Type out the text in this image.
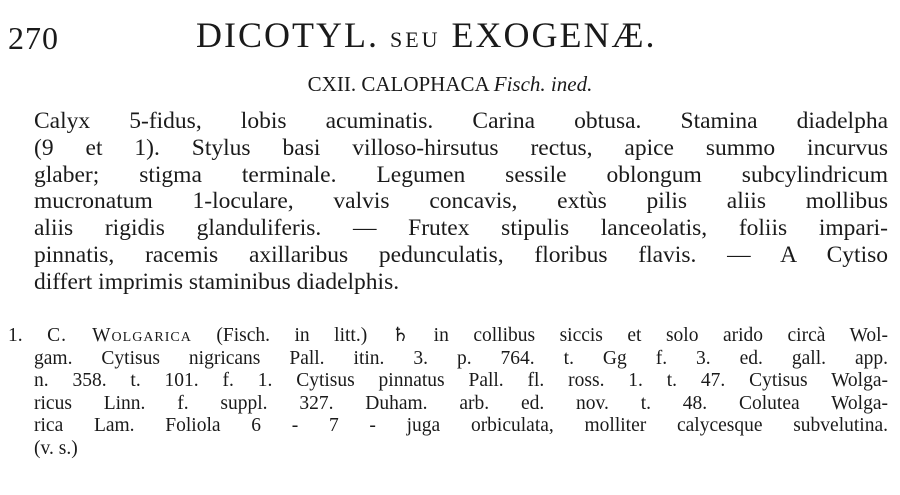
270	DICOTYL. SEU EXOGENÆ.
CXII. CALOPHACA Fisch. ined.
Calyx 5-fidus, lobis acuminatis. Carina obtusa. Stamina diadelpha
(9 et 1). Stylus basi villoso-hirsutus rectus, apice summo incurvus
glaber; stigma terminale. Legumen sessile oblongum subcylindricum
mucronatum 1-loculare, valvis concavis, extùs pilis aliis mollibus
aliis rigidis glanduliferis. — Frutex stipulis lanceolatis, foliis impari-
pinnatis, racemis axillaribus pedunculatis, floribus flavis. — A Cytiso
differt imprimis staminibus diadelphis.
1. C. Wolgarica (Fisch. in litt.) ♄ in collibus siccis et solo arido circà Wol-
gam. Cytisus nigricans Pall. itin. 3. p. 764. t. Gg f. 3. ed. gall. app.
n. 358. t. 101. f. 1. Cytisus pinnatus Pall. fl. ross. 1. t. 47. Cytisus Wolga-
ricus Linn. f. suppl. 327. Duham. arb. ed. nov. t. 48. Colutea Wolga-
rica Lam. Foliola 6 - 7 - juga orbiculata, molliter calycesque subvelutina.
(v. s.)
